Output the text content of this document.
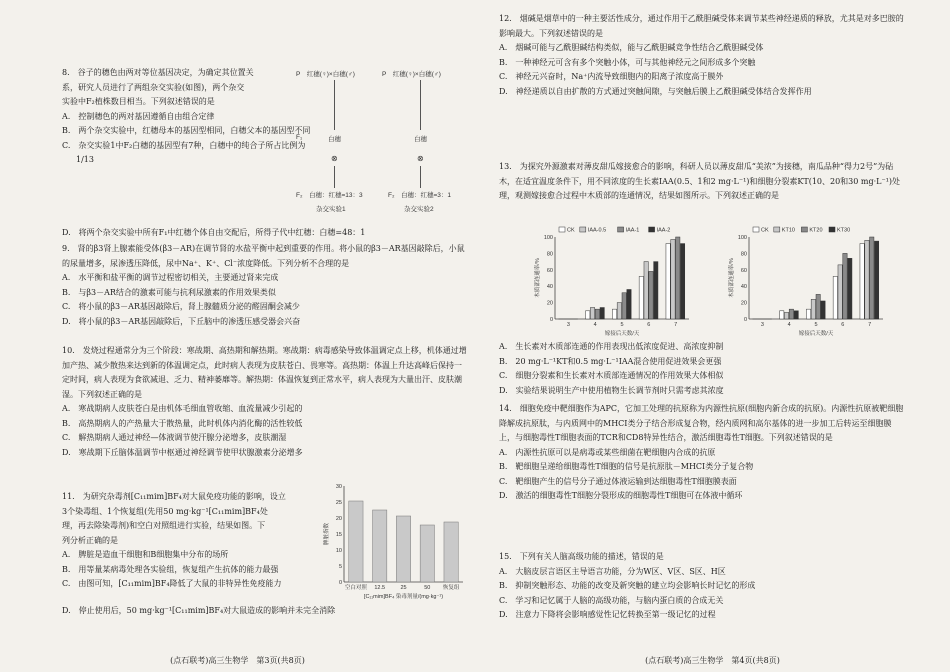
8.　谷子的穗色由两对等位基因决定，为确定其位置关

系，研究人员进行了两组杂交实验(如图)，两个杂交

实验中F₂植株数目相当。下列叙述错误的是

A.　控制穗色的两对基因遵循自由组合定律

B.　两个杂交实验中，红穗母本的基因型相同，白穗父本的基因型不同

C.　杂交实验1中F₂白穗的基因型有7种，白穗中的纯合子所占比例为1/13

D.　将两个杂交实验中所有F₁中红穗个体自由交配后，所得子代中红穗：白穗=48：1

P　红穗(♀)×白穗(♂)	P　红穗(♀)×白穗(♂)
F₁	白穗	白穗
⊗	⊗
F₂　白穗：红穗=13：3	F₂　白穗：红穗=3：1
杂交实验1	杂交实验2

9.　肾的β3肾上腺素能受体(β3－AR)在调节肾的水盐平衡中起到重要的作用。将小鼠的β3－AR基因敲除后，小鼠的尿量增多，尿渗透压降低，尿中Na⁺、K⁺、Cl⁻浓度降低。下列分析不合理的是

A.　水平衡和盐平衡的调节过程密切相关，主要通过肾来完成

B.　与β3－AR结合的激素可能与抗利尿激素的作用效果类似

C.　将小鼠的β3－AR基因敲除后，肾上腺髓质分泌的醛固酮会减少

D.　将小鼠的β3－AR基因敲除后，下丘脑中的渗透压感受器会兴奋

10.　发烧过程通常分为三个阶段：寒战期、高热期和解热期。寒战期：病毒感染导致体温调定点上移，机体通过增加产热、减少散热来达到新的体温调定点，此时病人表现为皮肤苍白、畏寒等。高热期：体温上升达高峰后保持一定时间，病人表现为食欲减退、乏力、精神萎靡等。解热期：体温恢复到正常水平，病人表现为大量出汗、皮肤潮湿。下列叙述正确的是

A.　寒战期病人皮肤苍白是由机体毛细血管收缩、血流量减少引起的

B.　高热期病人的产热量大于散热量，此时机体内消化酶的活性较低

C.　解热期病人通过神经—体液调节使汗腺分泌增多，皮肤潮湿

D.　寒战期下丘脑体温调节中枢通过神经调节使甲状腺激素分泌增多

11.　为研究杂毒剂[C₁₁mim]BF₄对大鼠免疫功能的影响，设立

3个染毒组、1个恢复组(先用50 mg·kg⁻¹[C₁₁mim]BF₄处

理，再去除染毒剂)和空白对照组进行实验，结果如图。下

列分析正确的是

A.　脾脏是造血干细胞和B细胞集中分布的场所

B.　用等量某病毒处理各实验组，恢复组产生抗体的能力最强

C.　由图可知，[C₁₁mim]BF₄降低了大鼠的非特异性免疫能力

D.　停止使用后，50 mg·kg⁻¹[C₁₁mim]BF₄对大鼠造成的影响并未完全消除

30
25
20
15
10
5
0
脾脏指数
[C₁₁mim]BF₄ 染毒剂量/(mg·kg⁻¹)
空白对照 12.5	25	50 恢复组
(点石联考)高三生物学　第3页(共8页)

12.　烟碱是烟草中的一种主要活性成分，通过作用于乙酰胆碱受体来调节某些神经递质的释放，尤其是对多巴胺的影响最大。下列叙述错误的是

A.　烟碱可能与乙酰胆碱结构类似，能与乙酰胆碱竞争性结合乙酰胆碱受体

B.　一种神经元可含有多个突触小体，可与其他神经元之间形成多个突触

C.　神经元兴奋时，Na⁺内流导致细胞内的阳离子浓度高于膜外

D.　神经递质以自由扩散的方式通过突触间隙，与突触后膜上乙酰胆碱受体结合发挥作用

13.　为探究外源激素对薄皮甜瓜嫁接愈合的影响，科研人员以薄皮甜瓜“美浓”为接穗，南瓜品种“得力2号”为砧木，在适宜温度条件下，用不同浓度的生长素IAA(0.5、1和2 mg·L⁻¹)和细胞分裂素KT(10、20和30 mg·L⁻¹)处理，观测嫁接愈合过程中木质部的连通情况，结果如图所示。下列叙述正确的是

100
80
60
40
20
0
木质部连通率/%
嫁接后天数/天
3	4	5	6	7
CK IAA-0.5	IAA-1	IAA-2
100
80
60
40
20
0
木质部连通率/%
嫁接后天数/天
3	4	5	6	7
CK KT10	KT20	KT30

A.　生长素对木质部连通的作用表现出低浓度促进、高浓度抑制

B.　20 mg·L⁻¹KT和0.5 mg·L⁻¹IAA混合使用促进效果会更强

C.　细胞分裂素和生长素对木质部连通情况的作用效果大体相似

D.　实验结果说明生产中使用植物生长调节剂时只需考虑其浓度

14.　细胞免疫中靶细胞作为APC，它加工处理的抗原称为内源性抗原(细胞内新合成的抗原)。内源性抗原被靶细胞降解成抗原肽，与内质网中的MHCⅠ类分子结合形成复合物，经内质网和高尔基体的进一步加工后转运至细胞膜上，与细胞毒性T细胞表面的TCR和CD8特异性结合，激活细胞毒性T细胞。下列叙述错误的是

A.　内源性抗原可以是病毒或某些细菌在靶细胞内合成的抗原

B.　靶细胞呈递给细胞毒性T细胞的信号是抗原肽－MHCⅠ类分子复合物

C.　靶细胞产生的信号分子通过体液运输到达细胞毒性T细胞膜表面

D.　激活的细胞毒性T细胞分裂形成的细胞毒性T细胞可在体液中循环

15.　下列有关人脑高级功能的描述，错误的是

A.　大脑皮层言语区主导语言功能，分为W区、V区、S区、H区

B.　抑制突触形态、功能的改变及新突触的建立均会影响长时记忆的形成

C.　学习和记忆属于人脑的高级功能，与脑内蛋白质的合成无关

D.　注意力下降将会影响感觉性记忆转换至第一级记忆的过程

(点石联考)高三生物学　第4页(共8页)
